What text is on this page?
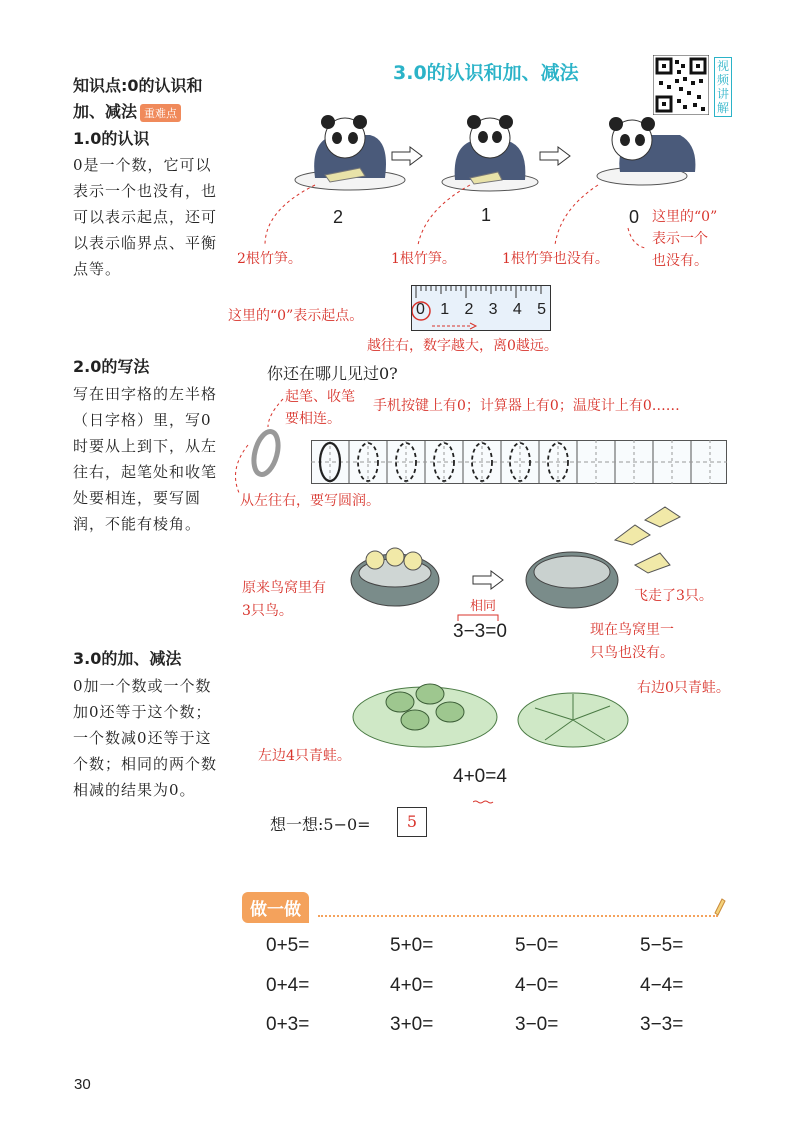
3.0的认识和加、减法	视频讲解
知识点:0的认识和
加、减法 重难点
1.0的认识
0是一个数，它可以表示一个也没有，也可以表示起点，还可以表示临界点、平衡点等。
2.0的写法
写在田字格的左半格（日字格）里，写0时要从上到下，从左往右，起笔处和收笔处要相连，要写圆润，不能有棱角。
3.0的加、减法
0加一个数或一个数加0还等于这个数；一个数减0还等于这个数；相同的两个数相减的结果为0。
2	1	0
2根竹笋。	1根竹笋。	1根竹笋也没有。
这里的“0”
表示一个
也没有。
0 1 2 3 4 5
这里的“0”表示起点。
越往右，数字越大，离0越远。
你还在哪儿见过0?
起笔、收笔
要相连。
手机按键上有0；计算器上有0；温度计上有0……
从左往右，要写圆润。
原来鸟窝里有
3只鸟。
飞走了3只。
相同
3−3=0	现在鸟窝里一
只鸟也没有。
右边0只青蛙。
左边4只青蛙。
4+0=4
想一想:5−0=	5
做一做
0+5=	5+0=	5−0=	5−5=
0+4=	4+0=	4−0=	4−4=
0+3=	3+0=	3−0=	3−3=
30
